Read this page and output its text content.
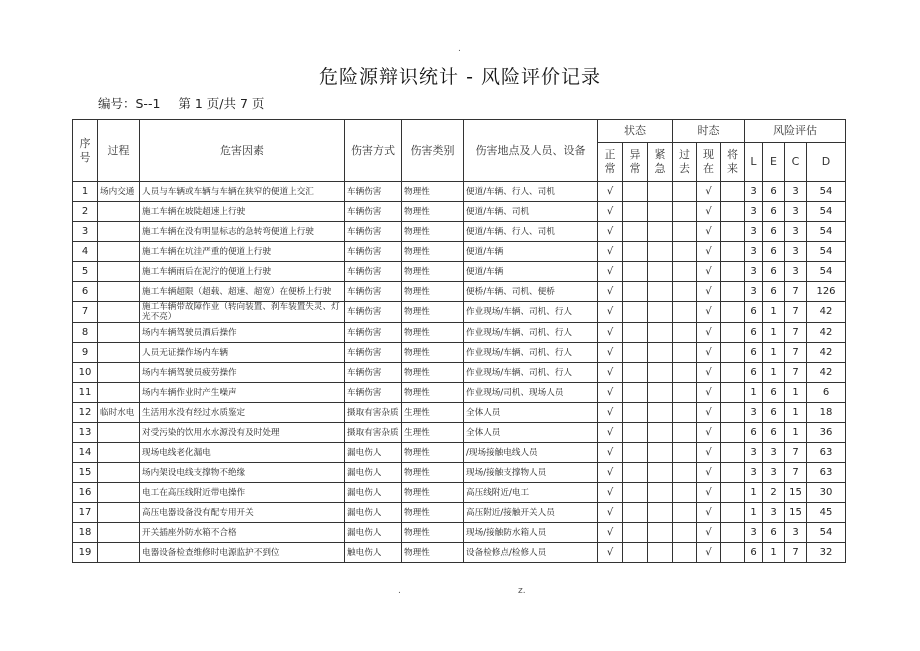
.
危险源辩识统计 - 风险评价记录
编号：S--1 第 1 页/共 7 页
序号	过程	危害因素	伤害方式	伤害类别	伤害地点及人员、设备	状态			时态			风险评估			
						正常	异常	紧急	过去	现在	将来	L	E	C	D
1	场内交通	人员与车辆或车辆与车辆在狭窄的便道上交汇	车辆伤害	物理性	便道/车辆、行人、司机	√				√		3	6	3	54
2		施工车辆在坡陡超速上行驶	车辆伤害	物理性	便道/车辆、司机	√				√		3	6	3	54
3		施工车辆在没有明显标志的急转弯便道上行驶	车辆伤害	物理性	便道/车辆、行人、司机	√				√		3	6	3	54
4		施工车辆在坑洼严重的便道上行驶	车辆伤害	物理性	便道/车辆	√				√		3	6	3	54
5		施工车辆雨后在泥泞的便道上行驶	车辆伤害	物理性	便道/车辆	√				√		3	6	3	54
6		施工车辆超限（超载、超速、超宽）在便桥上行驶	车辆伤害	物理性	便桥/车辆、司机、便桥	√				√		3	6	7	126
7		施工车辆带故障作业（转向装置、刹车装置失灵、灯光不亮）	车辆伤害	物理性	作业现场/车辆、司机、行人	√				√		6	1	7	42
8		场内车辆驾驶员酒后操作	车辆伤害	物理性	作业现场/车辆、司机、行人	√				√		6	1	7	42
9		人员无证操作场内车辆	车辆伤害	物理性	作业现场/车辆、司机、行人	√				√		6	1	7	42
10		场内车辆驾驶员疲劳操作	车辆伤害	物理性	作业现场/车辆、司机、行人	√				√		6	1	7	42
11		场内车辆作业时产生噪声	车辆伤害	物理性	作业现场/司机、现场人员	√				√		1	6	1	6
12	临时水电	生活用水没有经过水质鉴定	摄取有害杂质	生理性	全体人员	√				√		3	6	1	18
13		对受污染的饮用水水源没有及时处理	摄取有害杂质	生理性	全体人员	√				√		6	6	1	36
14		现场电线老化漏电	漏电伤人	物理性	/现场接触电线人员	√				√		3	3	7	63
15		场内架设电线支撑物不绝缘	漏电伤人	物理性	现场/接触支撑物人员	√				√		3	3	7	63
16		电工在高压线附近带电操作	漏电伤人	物理性	高压线附近/电工	√				√		1	2	15	30
17		高压电器设备没有配专用开关	漏电伤人	物理性	高压附近/接触开关人员	√				√		1	3	15	45
18		开关插座外防水箱不合格	漏电伤人	物理性	现场/接触防水箱人员	√				√		3	6	3	54
19		电器设备检查维修时电源监护不到位	触电伤人	物理性	设备检修点/检修人员	√				√		6	1	7	32
.	z.
